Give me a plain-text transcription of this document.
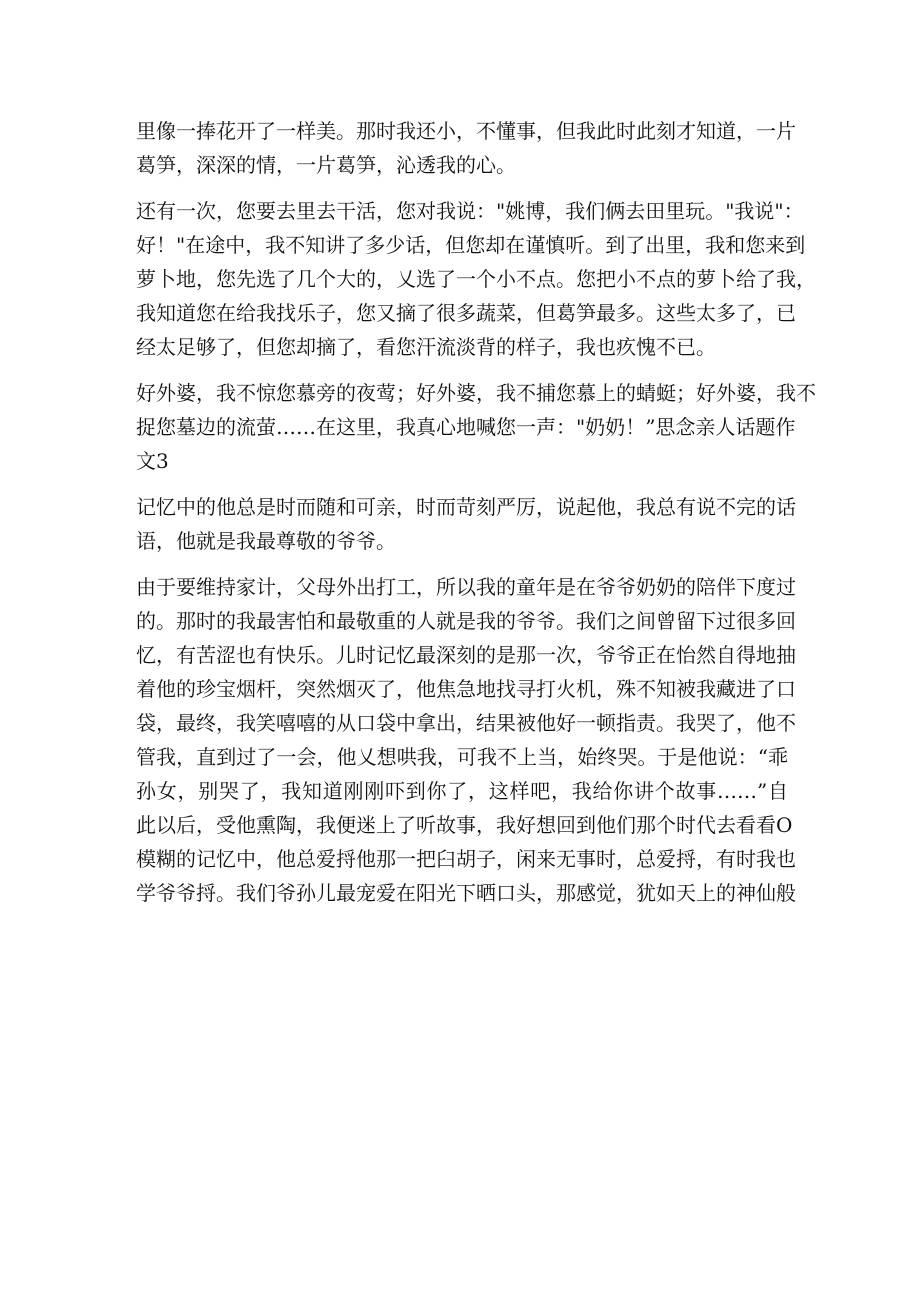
里像一捧花开了一样美。那时我还小，不懂事，但我此时此刻才知道，一片
葛笋，深深的情，一片葛笋，沁透我的心。
还有一次，您要去里去干活，您对我说："姚博，我们俩去田里玩。"我说"：
好！"在途中，我不知讲了多少话，但您却在谨慎听。到了出里，我和您来到
萝卜地，您先选了几个大的，乂选了一个小不点。您把小不点的萝卜给了我，
我知道您在给我找乐子，您又摘了很多蔬菜，但葛笋最多。这些太多了，已
经太足够了，但您却摘了，看您汗流淡背的样子，我也疚愧不已。
好外婆，我不惊您慕旁的夜莺；好外婆，我不捕您慕上的蜻蜓；好外婆，我不
捉您墓边的流萤……在这里，我真心地喊您一声："奶奶！”思念亲人话题作
文3
记忆中的他总是时而随和可亲，时而苛刻严厉，说起他，我总有说不完的话
语，他就是我最尊敬的爷爷。
由于要维持家计，父母外出打工，所以我的童年是在爷爷奶奶的陪伴下度过
的。那时的我最害怕和最敬重的人就是我的爷爷。我们之间曾留下过很多回
忆，有苦涩也有快乐。儿时记忆最深刻的是那一次，爷爷正在怡然自得地抽
着他的珍宝烟杆，突然烟灭了，他焦急地找寻打火机，殊不知被我藏进了口
袋，最终，我笑嘻嘻的从口袋中拿出，结果被他好一顿指责。我哭了，他不
管我，直到过了一会，他乂想哄我，可我不上当，始终哭。于是他说：“乖
孙女，别哭了，我知道刚刚吓到你了，这样吧，我给你讲个故事……”自
此以后，受他熏陶，我便迷上了听故事，我好想回到他们那个时代去看看O
模糊的记忆中，他总爱捋他那一把臼胡子，闲来无事时，总爱捋，有时我也
学爷爷捋。我们爷孙儿最宠爱在阳光下晒口头，那感觉，犹如天上的神仙般
